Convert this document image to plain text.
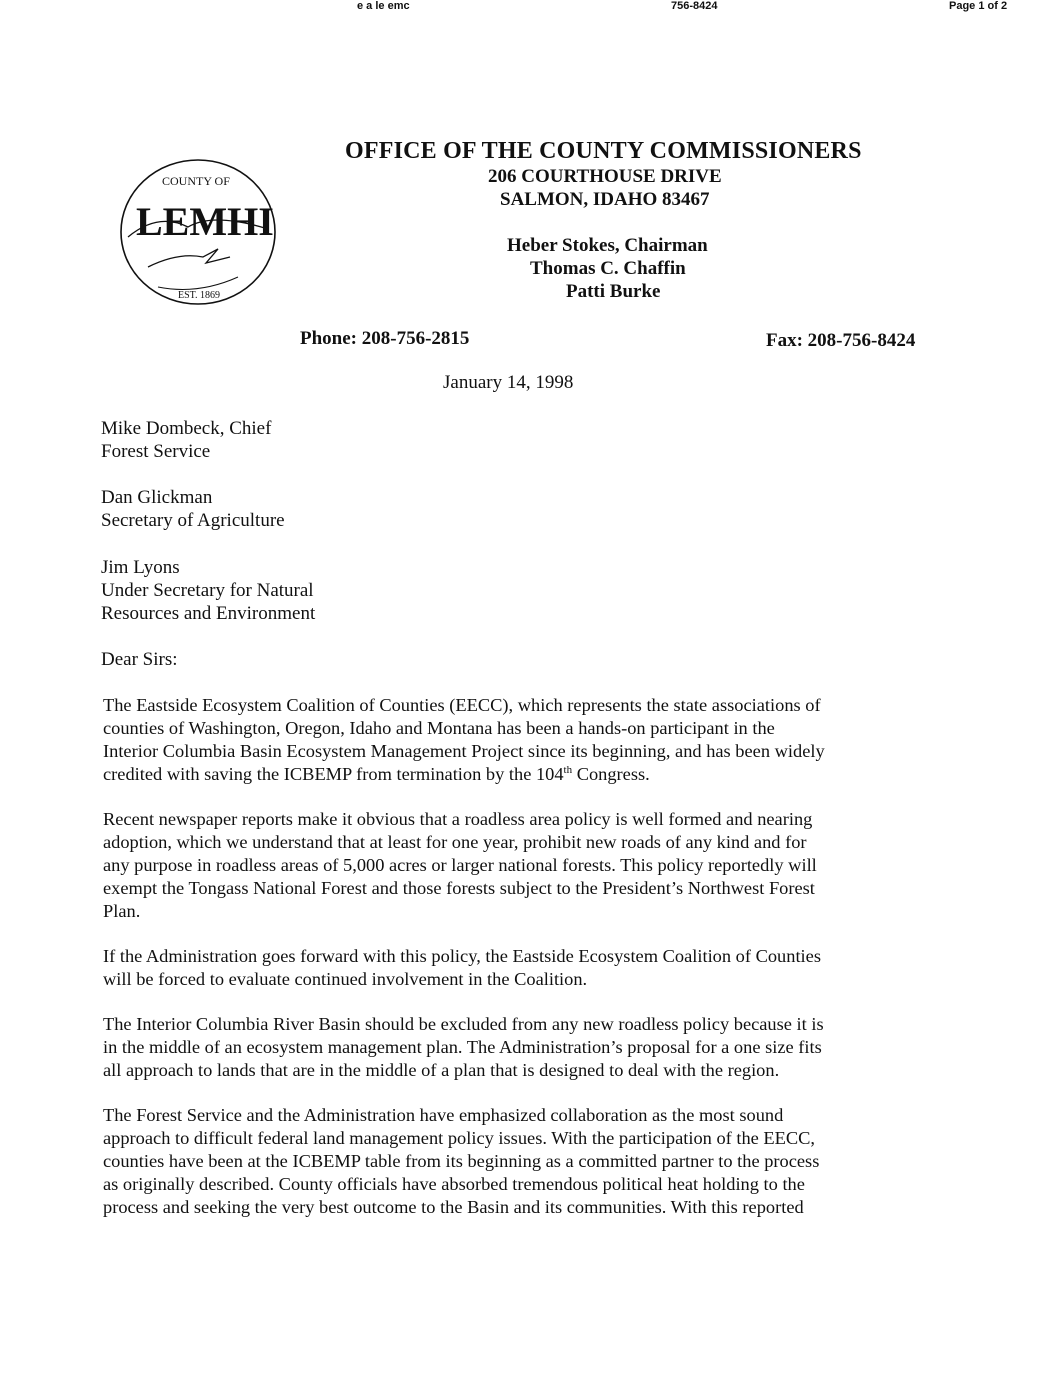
e a le emc	756-8424	Page 1 of 2
COUNTY OF
LEMHI
EST. 1869
OFFICE OF THE COUNTY COMMISSIONERS
206 COURTHOUSE DRIVE
SALMON, IDAHO 83467
Heber Stokes, Chairman
Thomas C. Chaffin
Patti Burke
Phone: 208-756-2815	Fax: 208-756-8424
January 14, 1998
Mike Dombeck, Chief
Forest Service
Dan Glickman
Secretary of Agriculture
Jim Lyons
Under Secretary for Natural
Resources and Environment
Dear Sirs:
The Eastside Ecosystem Coalition of Counties (EECC), which represents the state associations of
counties of Washington, Oregon, Idaho and Montana has been a hands-on participant in the
Interior Columbia Basin Ecosystem Management Project since its beginning, and has been widely
credited with saving the ICBEMP from termination by the 104th Congress.
Recent newspaper reports make it obvious that a roadless area policy is well formed and nearing
adoption, which we understand that at least for one year, prohibit new roads of any kind and for
any purpose in roadless areas of 5,000 acres or larger national forests. This policy reportedly will
exempt the Tongass National Forest and those forests subject to the President’s Northwest Forest
Plan.
If the Administration goes forward with this policy, the Eastside Ecosystem Coalition of Counties
will be forced to evaluate continued involvement in the Coalition.
The Interior Columbia River Basin should be excluded from any new roadless policy because it is
in the middle of an ecosystem management plan. The Administration’s proposal for a one size fits
all approach to lands that are in the middle of a plan that is designed to deal with the region.
The Forest Service and the Administration have emphasized collaboration as the most sound
approach to difficult federal land management policy issues. With the participation of the EECC,
counties have been at the ICBEMP table from its beginning as a committed partner to the process
as originally described. County officials have absorbed tremendous political heat holding to the
process and seeking the very best outcome to the Basin and its communities. With this reported
